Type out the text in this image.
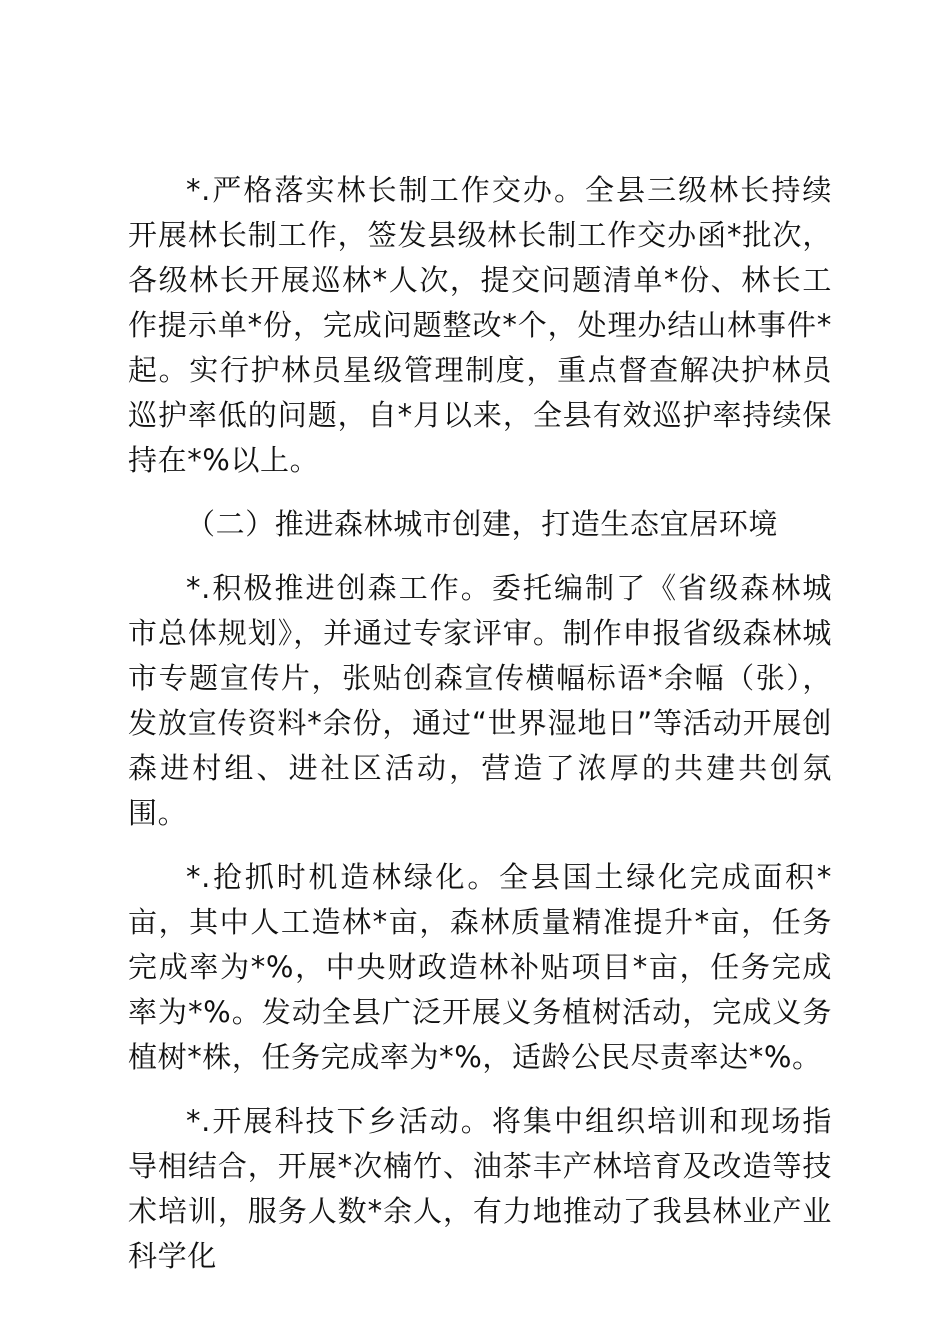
*.严格落实林长制工作交办。全县三级林长持续开展林长制工作，签发县级林长制工作交办函*批次，各级林长开展巡林*人次，提交问题清单*份、林长工作提示单*份，完成问题整改*个，处理办结山林事件*起。实行护林员星级管理制度，重点督查解决护林员巡护率低的问题，自*月以来，全县有效巡护率持续保持在*%以上。

（二）推进森林城市创建，打造生态宜居环境

*.积极推进创森工作。委托编制了《省级森林城市总体规划》，并通过专家评审。制作申报省级森林城市专题宣传片，张贴创森宣传横幅标语*余幅（张），发放宣传资料*余份，通过“世界湿地日”等活动开展创森进村组、进社区活动，营造了浓厚的共建共创氛围。

*.抢抓时机造林绿化。全县国土绿化完成面积*亩，其中人工造林*亩，森林质量精准提升*亩，任务完成率为*%，中央财政造林补贴项目*亩，任务完成率为*%。发动全县广泛开展义务植树活动，完成义务植树*株，任务完成率为*%，适龄公民尽责率达*%。

*.开展科技下乡活动。将集中组织培训和现场指导相结合，开展*次楠竹、油茶丰产林培育及改造等技术培训，服务人数*余人，有力地推动了我县林业产业科学化
